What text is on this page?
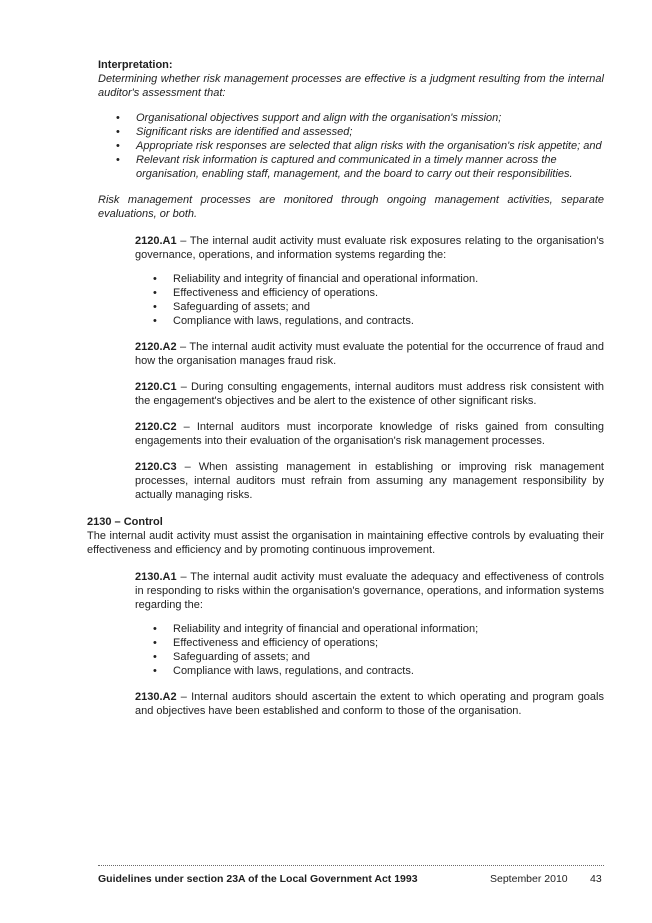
Interpretation:

Determining whether risk management processes are effective is a judgment resulting from the internal auditor's assessment that:

• Organisational objectives support and align with the organisation's mission;
• Significant risks are identified and assessed;
• Appropriate risk responses are selected that align risks with the organisation's risk appetite; and
• Relevant risk information is captured and communicated in a timely manner across the organisation, enabling staff, management, and the board to carry out their responsibilities.

Risk management processes are monitored through ongoing management activities, separate evaluations, or both.

2120.A1 – The internal audit activity must evaluate risk exposures relating to the organisation's governance, operations, and information systems regarding the:

• Reliability and integrity of financial and operational information.
• Effectiveness and efficiency of operations.
• Safeguarding of assets; and
• Compliance with laws, regulations, and contracts.

2120.A2 – The internal audit activity must evaluate the potential for the occurrence of fraud and how the organisation manages fraud risk.

2120.C1 – During consulting engagements, internal auditors must address risk consistent with the engagement's objectives and be alert to the existence of other significant risks.

2120.C2 – Internal auditors must incorporate knowledge of risks gained from consulting engagements into their evaluation of the organisation's risk management processes.

2120.C3 – When assisting management in establishing or improving risk management processes, internal auditors must refrain from assuming any management responsibility by actually managing risks.

2130 – Control

The internal audit activity must assist the organisation in maintaining effective controls by evaluating their effectiveness and efficiency and by promoting continuous improvement.

2130.A1 – The internal audit activity must evaluate the adequacy and effectiveness of controls in responding to risks within the organisation's governance, operations, and information systems regarding the:

• Reliability and integrity of financial and operational information;
• Effectiveness and efficiency of operations;
• Safeguarding of assets; and
• Compliance with laws, regulations, and contracts.

2130.A2 – Internal auditors should ascertain the extent to which operating and program goals and objectives have been established and conform to those of the organisation.

Guidelines under section 23A of the Local Government Act 1993	September 2010 43
